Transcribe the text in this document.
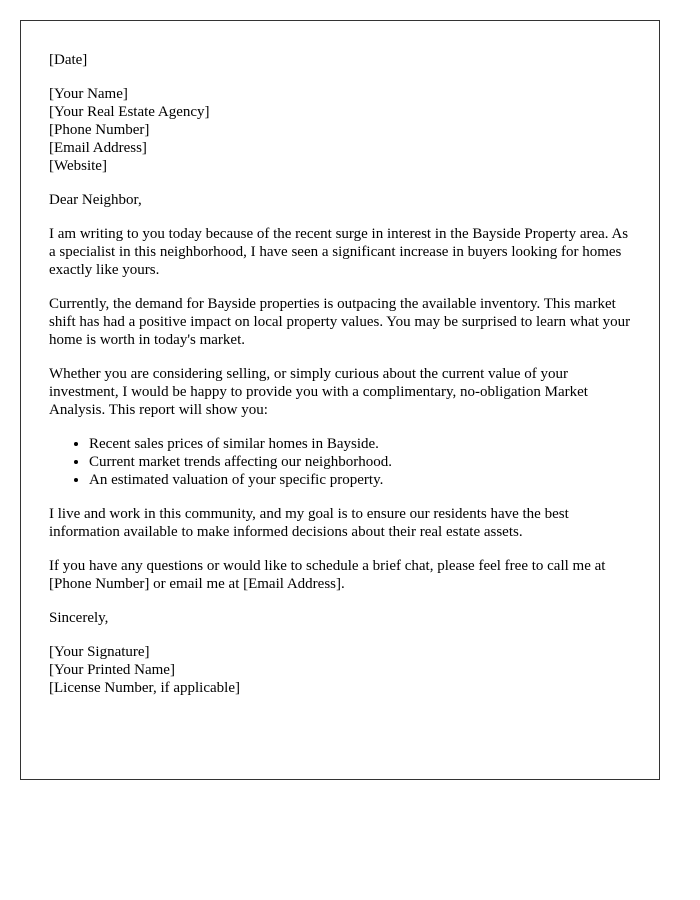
[Date]
[Your Name]
[Your Real Estate Agency]
[Phone Number]
[Email Address]
[Website]

Dear Neighbor,

I am writing to you today because of the recent surge in interest in the Bayside Property area. As a specialist in this neighborhood, I have seen a significant increase in buyers looking for homes exactly like yours.

Currently, the demand for Bayside properties is outpacing the available inventory. This market shift has had a positive impact on local property values. You may be surprised to learn what your home is worth in today's market.

Whether you are considering selling, or simply curious about the current value of your investment, I would be happy to provide you with a complimentary, no-obligation Market Analysis. This report will show you:

• Recent sales prices of similar homes in Bayside.
• Current market trends affecting our neighborhood.
• An estimated valuation of your specific property.

I live and work in this community, and my goal is to ensure our residents have the best information available to make informed decisions about their real estate assets.

If you have any questions or would like to schedule a brief chat, please feel free to call me at [Phone Number] or email me at [Email Address].

Sincerely,

[Your Signature]
[Your Printed Name]
[License Number, if applicable]
